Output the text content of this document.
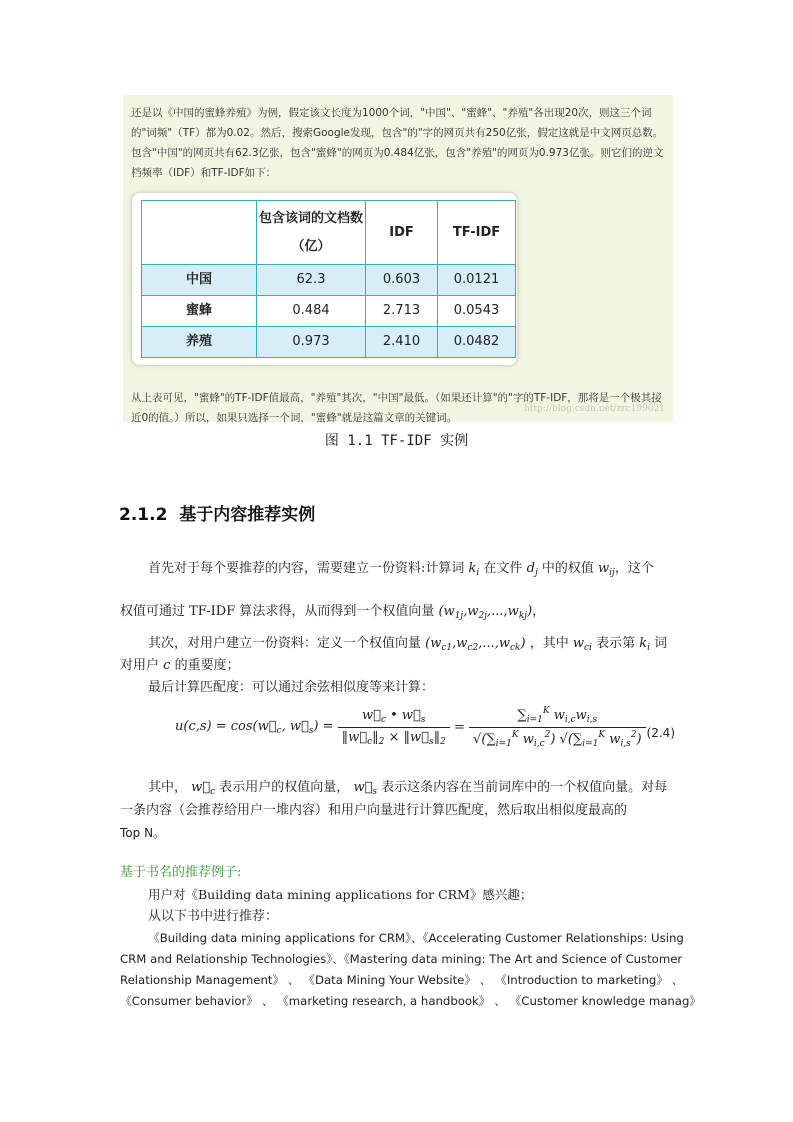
还是以《中国的蜜蜂养殖》为例，假定该文长度为1000个词，"中国"、"蜜蜂"、"养殖"各出现20次，则这三个词的"词频"（TF）都为0.02。然后，搜索Google发现，包含"的"字的网页共有250亿张，假定这就是中文网页总数。包含"中国"的网页共有62.3亿张，包含"蜜蜂"的网页为0.484亿张，包含"养殖"的网页为0.973亿张。则它们的逆文档频率（IDF）和TF-IDF如下：

	包含该词的文档数（亿）	IDF	TF-IDF
中国	62.3	0.603	0.0121
蜜蜂	0.484	2.713	0.0543
养殖	0.973	2.410	0.0482

从上表可见，"蜜蜂"的TF-IDF值最高，"养殖"其次，"中国"最低。（如果还计算"的"字的TF-IDF，那将是一个极其接近0的值。）所以，如果只选择一个词，"蜜蜂"就是这篇文章的关键词。

http://blog.csdn.net/zrc199021
图 1.1 TF-IDF 实例
2.1.2 基于内容推荐实例
首先对于每个要推荐的内容，需要建立一份资料:计算词 $k_i$ 在文件 $d_j$ 中的权值 $w_{ij}$，这个
权值可通过 TF-IDF 算法求得，从而得到一个权值向量 $(w_{1j},w_{2j},...,w_{kj})$，
其次，对用户建立一份资料：定义一个权值向量 $(w_{c1},w_{c2},...,w_{ck})$ ，其中 $w_{ci}$ 表示第 $k_i$ 词
对用户 c 的重要度；
最后计算匹配度：可以通过余弦相似度等来计算：
$u(c,s) = \cos(w⃗_c$, $w⃗_s) = \frac{w⃗_c • w⃗_s}{‖w⃗_c‖_2 \times ‖w⃗_s‖_2} = \frac{\sum_{i=1}^K w_{i,c}w_{i,s}}{√(\sum_{i=1}^K w_{i,c}^2) √(\sum_{i=1}^K w_{i,s}^2)} (2.4)$
其中， $w⃗_c$ 表示用户的权值向量， $w⃗_s$ 表示这条内容在当前词库中的一个权值向量。对每
一条内容（会推荐给用户一堆内容）和用户向量进行计算匹配度，然后取出相似度最高的
Top N。
基于书名的推荐例子:
用户对《Building data mining applications for CRM》感兴趣；
从以下书中进行推荐：
《Building data mining applications for CRM》、《Accelerating Customer Relationships: Using
CRM and Relationship Technologies》、《Mastering data mining: The Art and Science of Customer
Relationship Management》 、 《Data Mining Your Website》 、 《Introduction to marketing》 、
《Consumer behavior》 、 《marketing research, a handbook》 、 《Customer knowledge manag》
